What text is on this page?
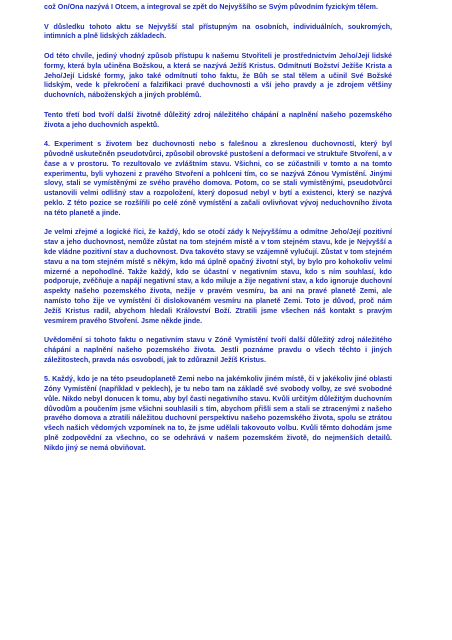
což On/Ona nazývá I Otcem, a integroval se zpět do Nejvyššího se Svým původním fyzickým tělem.

V důsledku tohoto aktu se Nejvyšší stal přístupným na osobních, individuálních, soukromých, intimních a plně lidských základech.

Od této chvíle, jediný vhodný způsob přístupu k našemu Stvořiteli je prostřednictvím Jeho/Její lidské formy, která byla učiněna Božskou, a která se nazývá Ježíš Kristus. Odmítnutí Božství Ježíše Krista a Jeho/Její Lidské formy, jako také odmítnutí toho faktu, že Bůh se stal tělem a učinil Své Božské lidským, vede k překročení a falzifikaci pravé duchovnosti a vší jeho pravdy a je zdrojem většiny duchovních, náboženských a jiných problémů.

Tento třetí bod tvoří další životně důležitý zdroj náležitého chápání a naplnění našeho pozemského života a jeho duchovních aspektů.

4. Experiment s životem bez duchovnosti nebo s falešnou a zkreslenou duchovností, který byl původně uskutečněn pseudotvůrci, způsobil obrovské pustošení a deformaci ve struktuře Stvoření, a v čase a v prostoru. To rezultovalo ve zvláštním stavu. Všichni, co se zúčastnili v tomto a na tomto experimentu, byli vyhozeni z pravého Stvoření a pohlceni tím, co se nazývá Zónou Vymístění. Jinými slovy, stali se vymístěnými ze svého pravého domova. Potom, co se stali vymístěnými, pseudotvůrci ustanovili velmi odlišný stav a rozpoložení, který doposud nebyl v bytí a existenci, který se nazývá peklo. Z této pozice se rozšířili po celé zóně vymístění a začali ovlivňovat vývoj neduchovního života na této planetě a jinde.

Je velmi zřejmé a logické říci, že každý, kdo se otočí zády k Nejvyššímu a odmítne Jeho/Její pozitivní stav a jeho duchovnost, nemůže zůstat na tom stejném místě a v tom stejném stavu, kde je Nejvyšší a kde vládne pozitivní stav a duchovnost. Dva takovéto stavy se vzájemně vylučují. Zůstat v tom stejném stavu a na tom stejném místě s někým, kdo má úplně opačný životní styl, by bylo pro kohokoliv velmi mizerné a nepohodlné. Takže každý, kdo se účastní v negativním stavu, kdo s ním souhlasí, kdo podporuje, zvěčňuje a napájí negativní stav, a kdo miluje a žije negativní stav, a kdo ignoruje duchovní aspekty našeho pozemského života, nežije v pravém vesmíru, ba ani na pravé planetě Zemi, ale namísto toho žije ve vymístění či dislokovaném vesmíru na planetě Zemi. Toto je důvod, proč nám Ježíš Kristus radil, abychom hledali Království Boží. Ztratili jsme všechen náš kontakt s pravým vesmírem pravého Stvoření. Jsme někde jinde.

Uvědomění si tohoto faktu o negativním stavu v Zóně Vymístění tvoří další důležitý zdroj náležitého chápání a naplnění našeho pozemského života. Jestli poznáme pravdu o všech těchto i jiných záležitostech, pravda nás osvobodí, jak to zdůraznil Ježíš Kristus.

5. Každý, kdo je na této pseudoplanetě Zemi nebo na jakémkoliv jiném místě, či v jakékoliv jiné oblasti Zóny Vymístění (například v peklech), je tu nebo tam na základě své svobody volby, ze své svobodné vůle. Nikdo nebyl donucen k tomu, aby byl časti negativního stavu. Kvůli určitým důležitým duchovním důvodům a poučením jsme všichni souhlasili s tím, abychom přišli sem a stali se ztracenými z našeho pravého domova a ztratili náležitou duchovní perspektivu našeho pozemského života, spolu se ztrátou všech našich vědomých vzpomínek na to, že jsme udělali takovouto volbu. Kvůli těmto dohodám jsme plně zodpovědní za všechno, co se odehrává v našem pozemském životě, do nejmenších detailů. Nikdo jiný se nemá obviňovat.
